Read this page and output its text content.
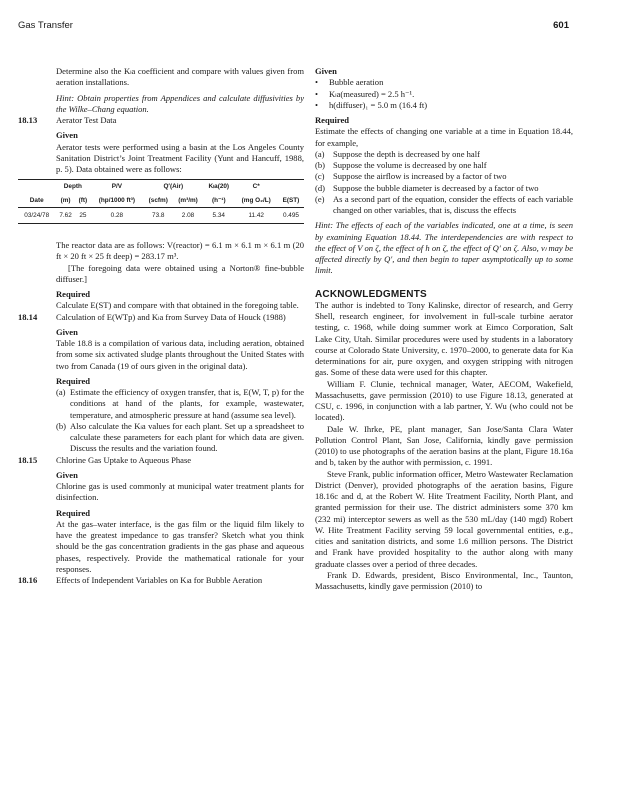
Gas Transfer	601

Determine also the Kₗa coefficient and compare with values given from aeration installations.

Hint: Obtain properties from Appendices and calculate diffusivities by the Wilke–Chang equation.

18.13 Aerator Test Data

Given

Aerator tests were performed using a basin at the Los Angeles County Sanitation District’s Joint Treatment Facility (Yunt and Hancuff, 1988, p. 5). Data obtained were as follows:

	Depth		P/V	Q′(Air)		Kₗa(20)	C*	
Date	(m)	(ft)	(hp/1000 ft³)	(scfm)	(m³/m)	(h⁻¹)	(mg O₂/L)	E(ST)
03/24/78	7.62	25	0.28	73.8	2.08	5.34	11.42	0.495

The reactor data are as follows: V(reactor) = 6.1 m × 6.1 m × 6.1 m (20 ft × 20 ft × 25 ft deep) = 283.17 m³.

[The foregoing data were obtained using a Norton® fine-bubble diffuser.]

Required

Calculate E(ST) and compare with that obtained in the foregoing table.

18.14 Calculation of E(WTp) and Kₗa from Survey Data of Houck (1988)

Given

Table 18.8 is a compilation of various data, including aeration, obtained from some six activated sludge plants throughout the United States with two from Canada (19 of ours given in the original data).

Required

(a) Estimate the efficiency of oxygen transfer, that is, E(W, T, p) for the conditions at hand of the plants, for example, wastewater, temperature, and atmospheric pressure at hand (assume sea level).

(b) Also calculate the Kₗa values for each plant. Set up a spreadsheet to calculate these parameters for each plant for which data are given. Discuss the results and the variation found.

18.15 Chlorine Gas Uptake to Aqueous Phase

Given

Chlorine gas is used commonly at municipal water treatment plants for disinfection.

Required

At the gas–water interface, is the gas film or the liquid film likely to have the greatest impedance to gas transfer? Sketch what you think should be the gas concentration gradients in the gas phase and aqueous phases, respectively. Provide the mathematical rationale for your responses.

18.16 Effects of Independent Variables on Kₗa for Bubble Aeration

Given

• Bubble aeration

• Kₗa(measured) = 2.5 h⁻¹.

• h(diffuser)₁ = 5.0 m (16.4 ft)

Required

Estimate the effects of changing one variable at a time in Equation 18.44, for example,

(a) Suppose the depth is decreased by one half

(b) Suppose the volume is decreased by one half

(c) Suppose the airflow is increased by a factor of two

(d) Suppose the bubble diameter is decreased by a factor of two

(e) As a second part of the equation, consider the effects of each variable changed on other variables, that is, discuss the effects

Hint: The effects of each of the variables indicated, one at a time, is seen by examining Equation 18.44. The interdependencies are with respect to the effect of V on ζ, the effect of h on ζ, the effect of Q′ on ζ. Also, vₗ may be affected directly by Q′, and then begin to taper asymptotically up to some limit.

ACKNOWLEDGMENTS

The author is indebted to Tony Kalinske, director of research, and Gerry Shell, research engineer, for involvement in full-scale turbine aerator testing, c. 1968, while doing summer work at Eimco Corporation, Salt Lake City, Utah. Similar procedures were used by students in a laboratory course at Colorado State University, c. 1970–2000, to generate data for Kₗa determinations for air, pure oxygen, and oxygen stripping with nitrogen gas. Some of these data were used for this chapter.

William F. Clunie, technical manager, Water, AECOM, Wakefield, Massachusetts, gave permission (2010) to use Figure 18.13, generated at CSU, c. 1996, in conjunction with a lab partner, Y. Wu (who could not be located).

Dale W. Ihrke, PE, plant manager, San Jose/Santa Clara Water Pollution Control Plant, San Jose, California, kindly gave permission (2010) to use photographs of the aeration basins at the plant, Figure 18.16a and b, taken by the author with permission, c. 1991.

Steve Frank, public information officer, Metro Wastewater Reclamation District (Denver), provided photographs of the aeration basins, Figure 18.16c and d, at the Robert W. Hite Treatment Facility, North Plant, and granted permission for their use. The district administers some 370 km (232 mi) interceptor sewers as well as the 530 mL/day (140 mgd) Robert W. Hite Treatment Facility serving 59 local governmental entities, e.g., cities and sanitation districts, and some 1.6 million persons. The District and Frank have provided hospitality to the author along with many graduate classes over a period of three decades.

Frank D. Edwards, president, Bisco Environmental, Inc., Taunton, Massachusetts, kindly gave permission (2010) to
